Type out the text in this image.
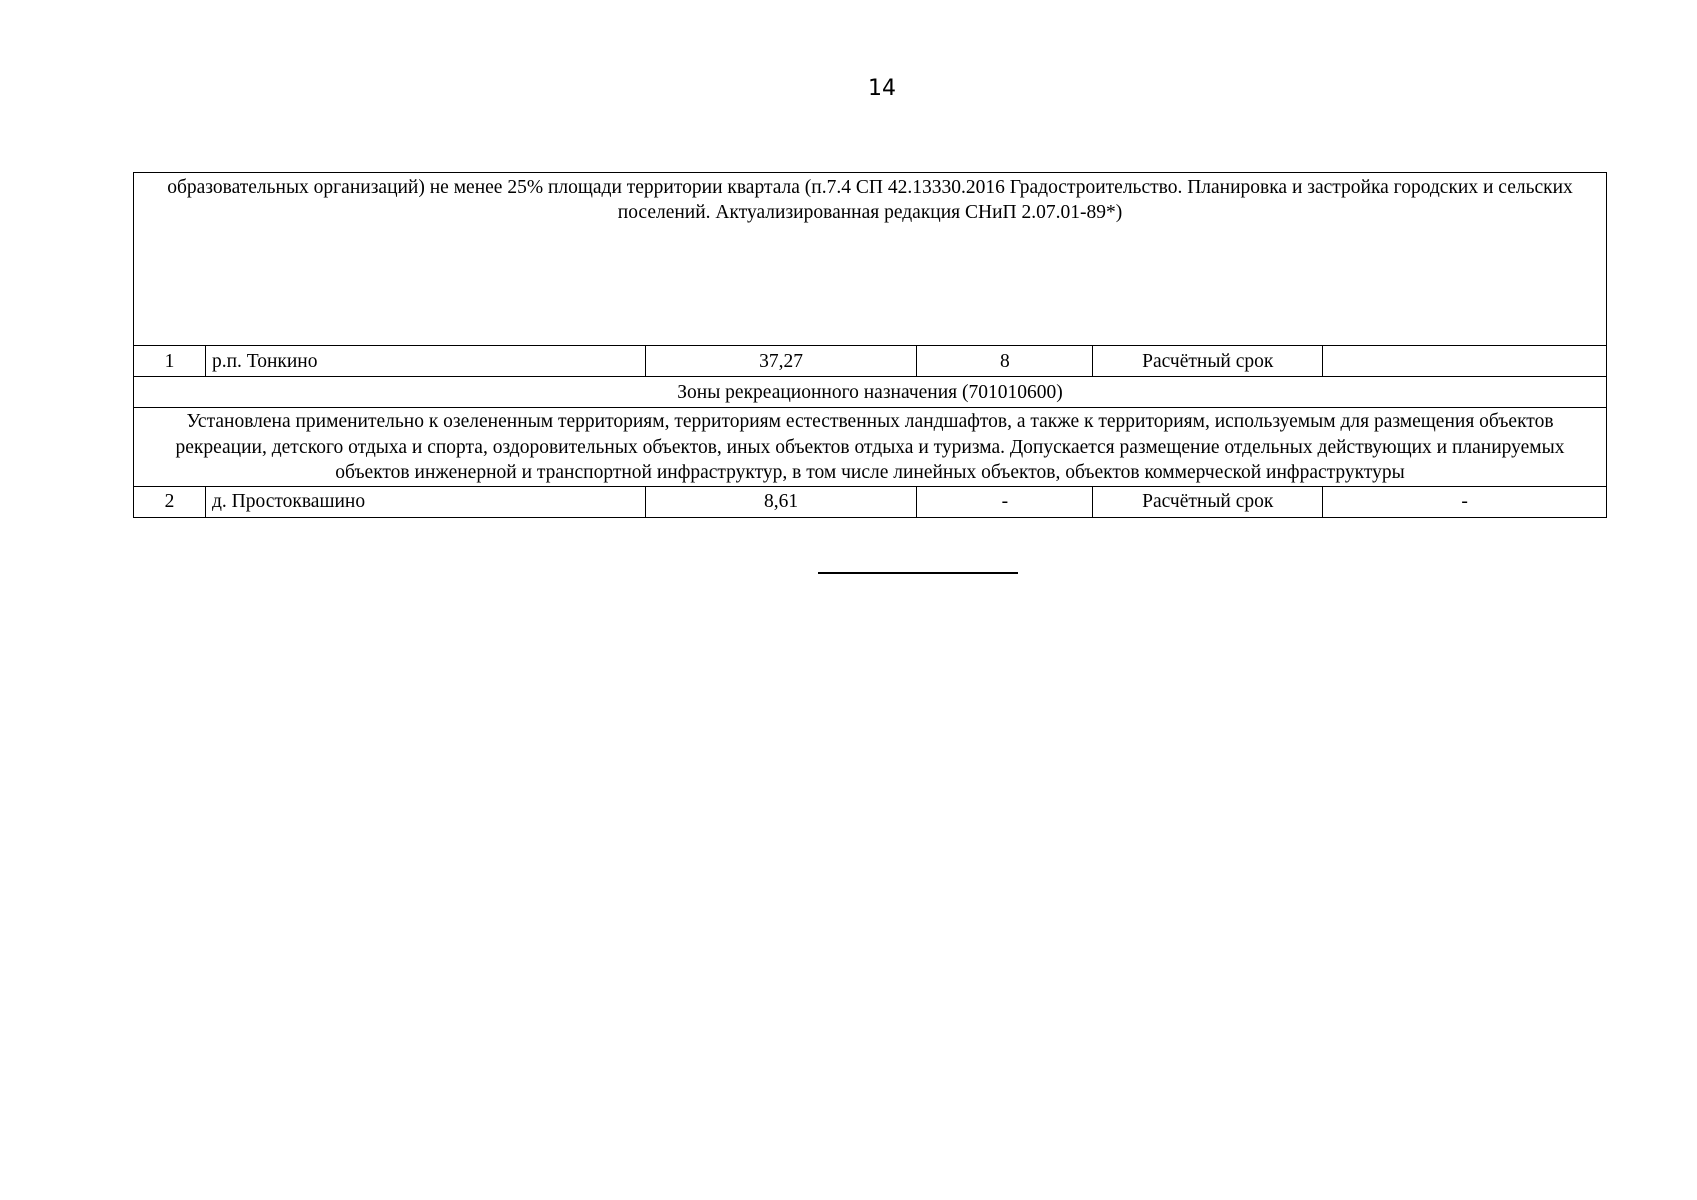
14
образовательных организаций) не менее 25% площади территории квартала (п.7.4 СП 42.13330.2016 Градостроительство. Планировка и застройка городских и сельских поселений. Актуализированная редакция СНиП 2.07.01-89*)					
1	р.п. Тонкино	37,27	8	Расчётный срок	
Зоны рекреационного назначения (701010600)					
Установлена применительно к озелененным территориям, территориям естественных ландшафтов, а также к территориям, используемым для размещения объектов рекреации, детского отдыха и спорта, оздоровительных объектов, иных объектов отдыха и туризма. Допускается размещение отдельных действующих и планируемых объектов инженерной и транспортной инфраструктур, в том числе линейных объектов, объектов коммерческой инфраструктуры					
2	д. Простоквашино	8,61	-	Расчётный срок	-
